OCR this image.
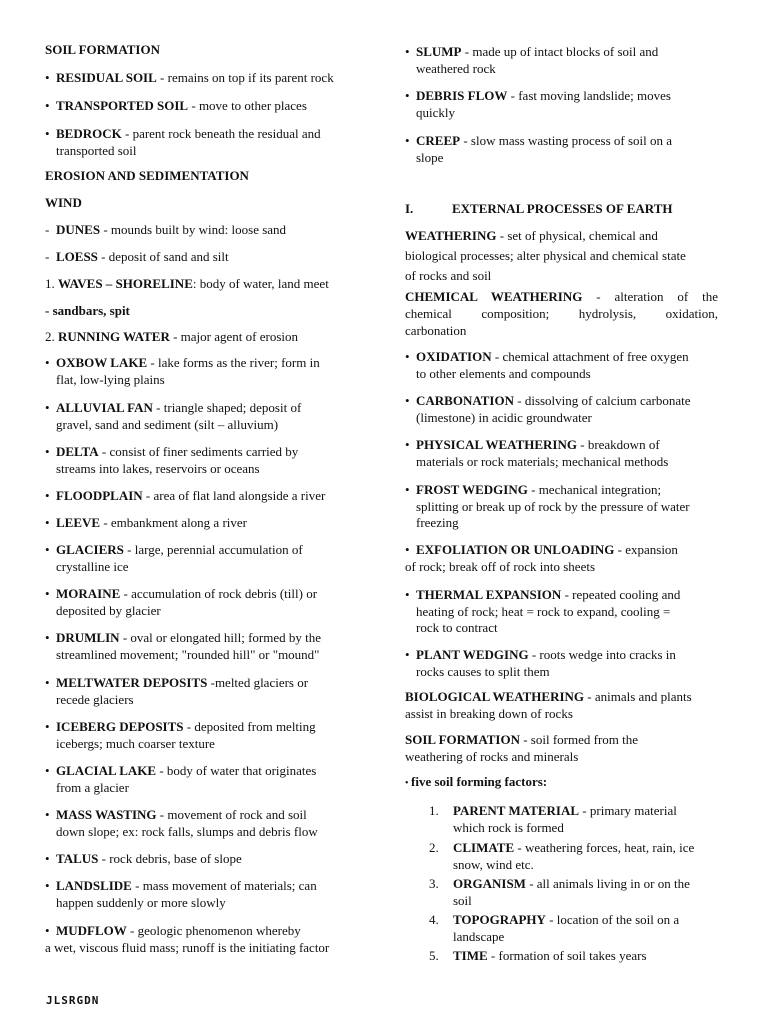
SOIL FORMATION
• RESIDUAL SOIL - remains on top if its parent rock
• TRANSPORTED SOIL - move to other places
• BEDROCK - parent rock beneath the residual and
transported soil
EROSION AND SEDIMENTATION
WIND
- DUNES - mounds built by wind: loose sand
- LOESS - deposit of sand and silt
1. WAVES – SHORELINE: body of water, land meet
- sandbars, spit
2. RUNNING WATER - major agent of erosion
• OXBOW LAKE - lake forms as the river; form in
flat, low-lying plains
• ALLUVIAL FAN - triangle shaped; deposit of
gravel, sand and sediment (silt – alluvium)
• DELTA - consist of finer sediments carried by
streams into lakes, reservoirs or oceans
• FLOODPLAIN - area of flat land alongside a river
• LEEVE - embankment along a river
• GLACIERS - large, perennial accumulation of
crystalline ice
• MORAINE - accumulation of rock debris (till) or
deposited by glacier
• DRUMLIN - oval or elongated hill; formed by the
streamlined movement; "rounded hill" or "mound"
• MELTWATER DEPOSITS -melted glaciers or
recede glaciers
• ICEBERG DEPOSITS - deposited from melting
icebergs; much coarser texture
• GLACIAL LAKE - body of water that originates
from a glacier
• MASS WASTING - movement of rock and soil
down slope; ex: rock falls, slumps and debris flow
• TALUS - rock debris, base of slope
• LANDSLIDE - mass movement of materials; can
happen suddenly or more slowly
• MUDFLOW - geologic phenomenon whereby
a wet, viscous fluid mass; runoff is the initiating factor
• SLUMP - made up of intact blocks of soil and
weathered rock
• DEBRIS FLOW - fast moving landslide; moves
quickly
• CREEP - slow mass wasting process of soil on a
slope
I.	EXTERNAL PROCESSES OF EARTH
WEATHERING - set of physical, chemical and
biological processes; alter physical and chemical state
of rocks and soil
CHEMICAL WEATHERING - alteration of the
chemical composition; hydrolysis, oxidation,
carbonation
• OXIDATION - chemical attachment of free oxygen
to other elements and compounds
• CARBONATION - dissolving of calcium carbonate
(limestone) in acidic groundwater
• PHYSICAL WEATHERING - breakdown of
materials or rock materials; mechanical methods
• FROST WEDGING - mechanical integration;
splitting or break up of rock by the pressure of water
freezing
• EXFOLIATION OR UNLOADING - expansion
of rock; break off of rock into sheets
• THERMAL EXPANSION - repeated cooling and
heating of rock; heat = rock to expand, cooling =
rock to contract
• PLANT WEDGING - roots wedge into cracks in
rocks causes to split them
BIOLOGICAL WEATHERING - animals and plants
assist in breaking down of rocks
SOIL FORMATION - soil formed from the
weathering of rocks and minerals
• five soil forming factors:
1. PARENT MATERIAL - primary material
which rock is formed
2. CLIMATE - weathering forces, heat, rain, ice
snow, wind etc.
3. ORGANISM - all animals living in or on the
soil
4. TOPOGRAPHY - location of the soil on a
landscape
5. TIME - formation of soil takes years
JLSRGDN
